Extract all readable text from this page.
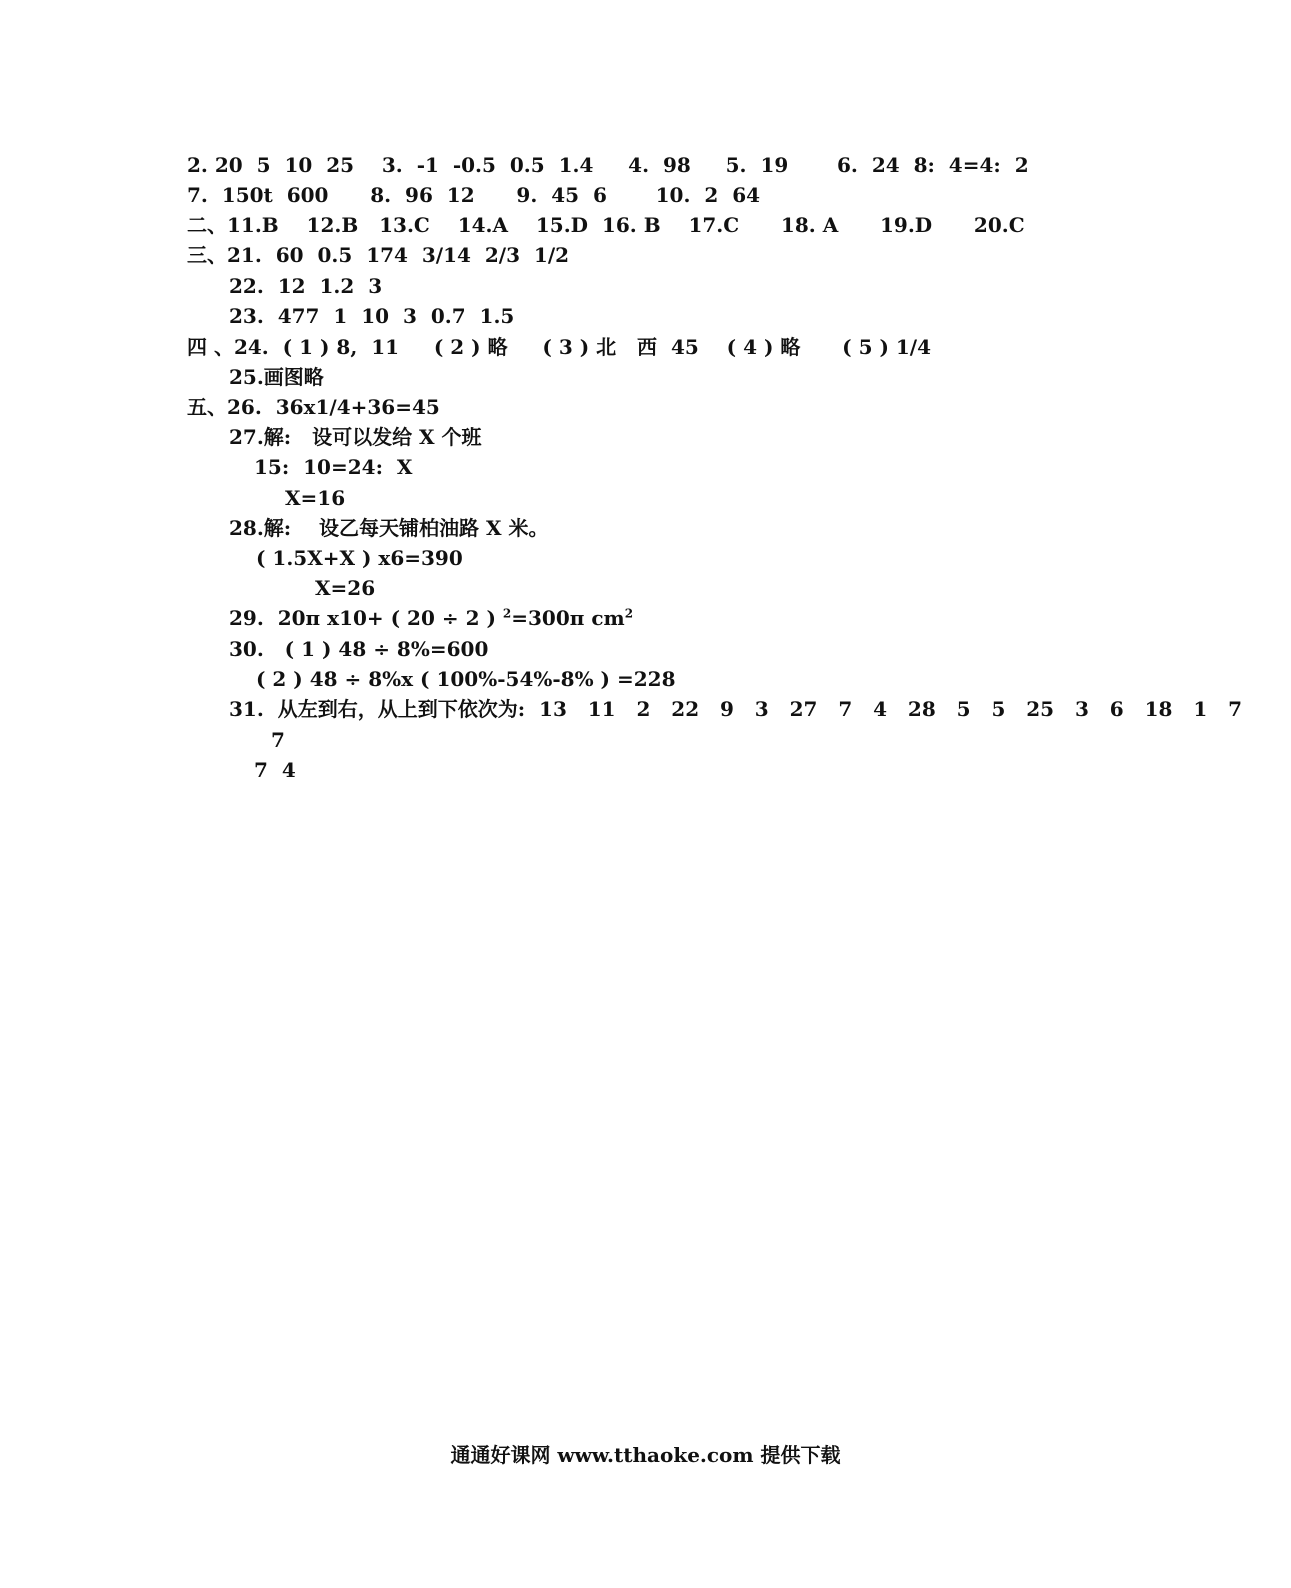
2. 20  5  10  25    3.  -1  -0.5  0.5  1.4     4.  98     5.  19       6.  24  8:  4=4:  2
7.  150t  600      8.  96  12      9.  45  6       10.  2  64
二、11.B    12.B   13.C    14.A    15.D  16. B    17.C      18. A      19.D      20.C
三、21.  60  0.5  174  3/14  2/3  1/2
22.  12  1.2  3
23.  477  1  10  3  0.7  1.5
四 、24.  ( 1 ) 8,  11     ( 2 ) 略     ( 3 ) 北   西  45    ( 4 ) 略      ( 5 ) 1/4
25.画图略
五、26.  36x1/4+36=45
27.解:   设可以发给 X 个班
15:  10=24:  X
X=16
28.解:    设乙每天铺柏油路 X 米。
( 1.5X+X ) x6=390
X=26
29.  20π x10+ ( 20 ÷ 2 ) $^2$=300π $cm^2$
30.   ( 1 ) 48 ÷ 8%=600
( 2 ) 48 ÷ 8%x ( 100%-54%-8% ) =228
31.  从左到右，从上到下依次为:  13   11   2   22   9   3   27   7   4   28   5   5   25   3   6   18   1   7
7
7  4
通通好课网 www.tthaoke.com 提供下载
